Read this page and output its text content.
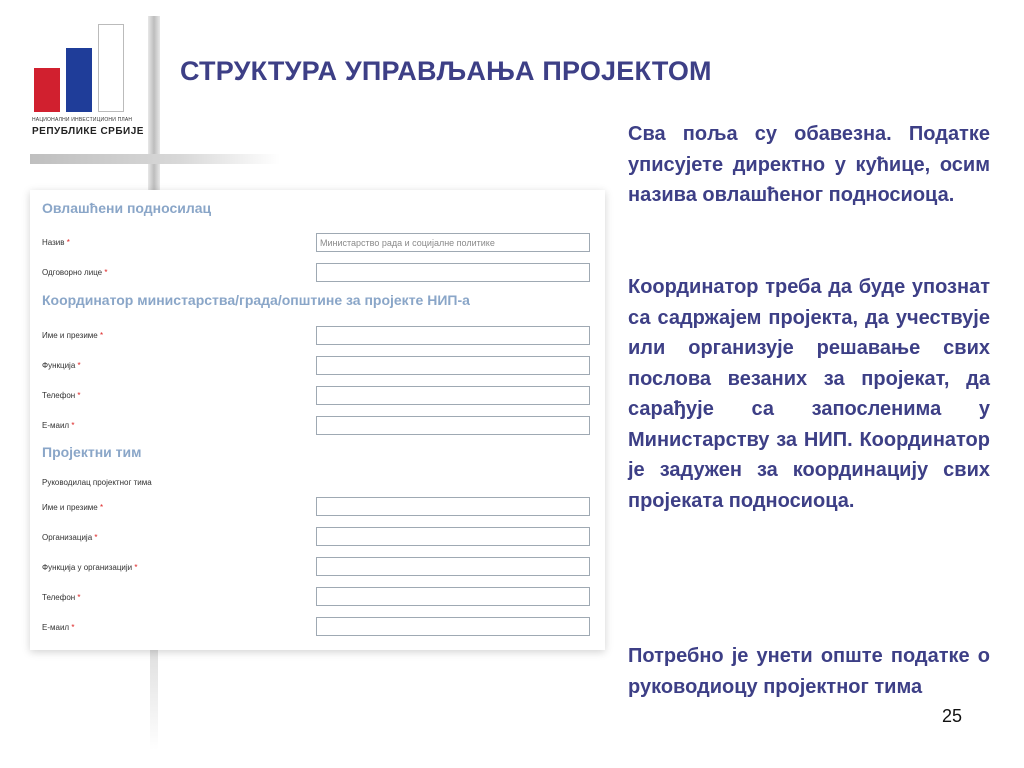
НАЦИОНАЛНИ ИНВЕСТИЦИОНИ ПЛАН
РЕПУБЛИКЕ СРБИЈЕ
СТРУКТУРА УПРАВЉАЊА ПРОЈЕКТОМ
Овлашћени подносилац
Назив *
Министарство рада и социјалне политике
Одговорно лице *
Координатор министарства/града/општине за пројекте НИП-а
Име и презиме *
Функција *
Телефон *
Е-маил *
Пројектни тим
Руководилац пројектног тима
Име и презиме *
Организација *
Функција у организацији *
Телефон *
Е-маил *

Сва поља су обавезна. Податке уписујете директно у кућице, осим назива овлашћеног подносиоца.

Координатор треба да буде упознат са садржајем пројекта, да учествује или организује решавање свих послова везаних за пројекат, да сарађује са запосленима у Министарству за НИП. Координатор је задужен за координацију свих пројеката подносиоца.

Потребно је унети опште податке о руководиоцу пројектног тима

25
